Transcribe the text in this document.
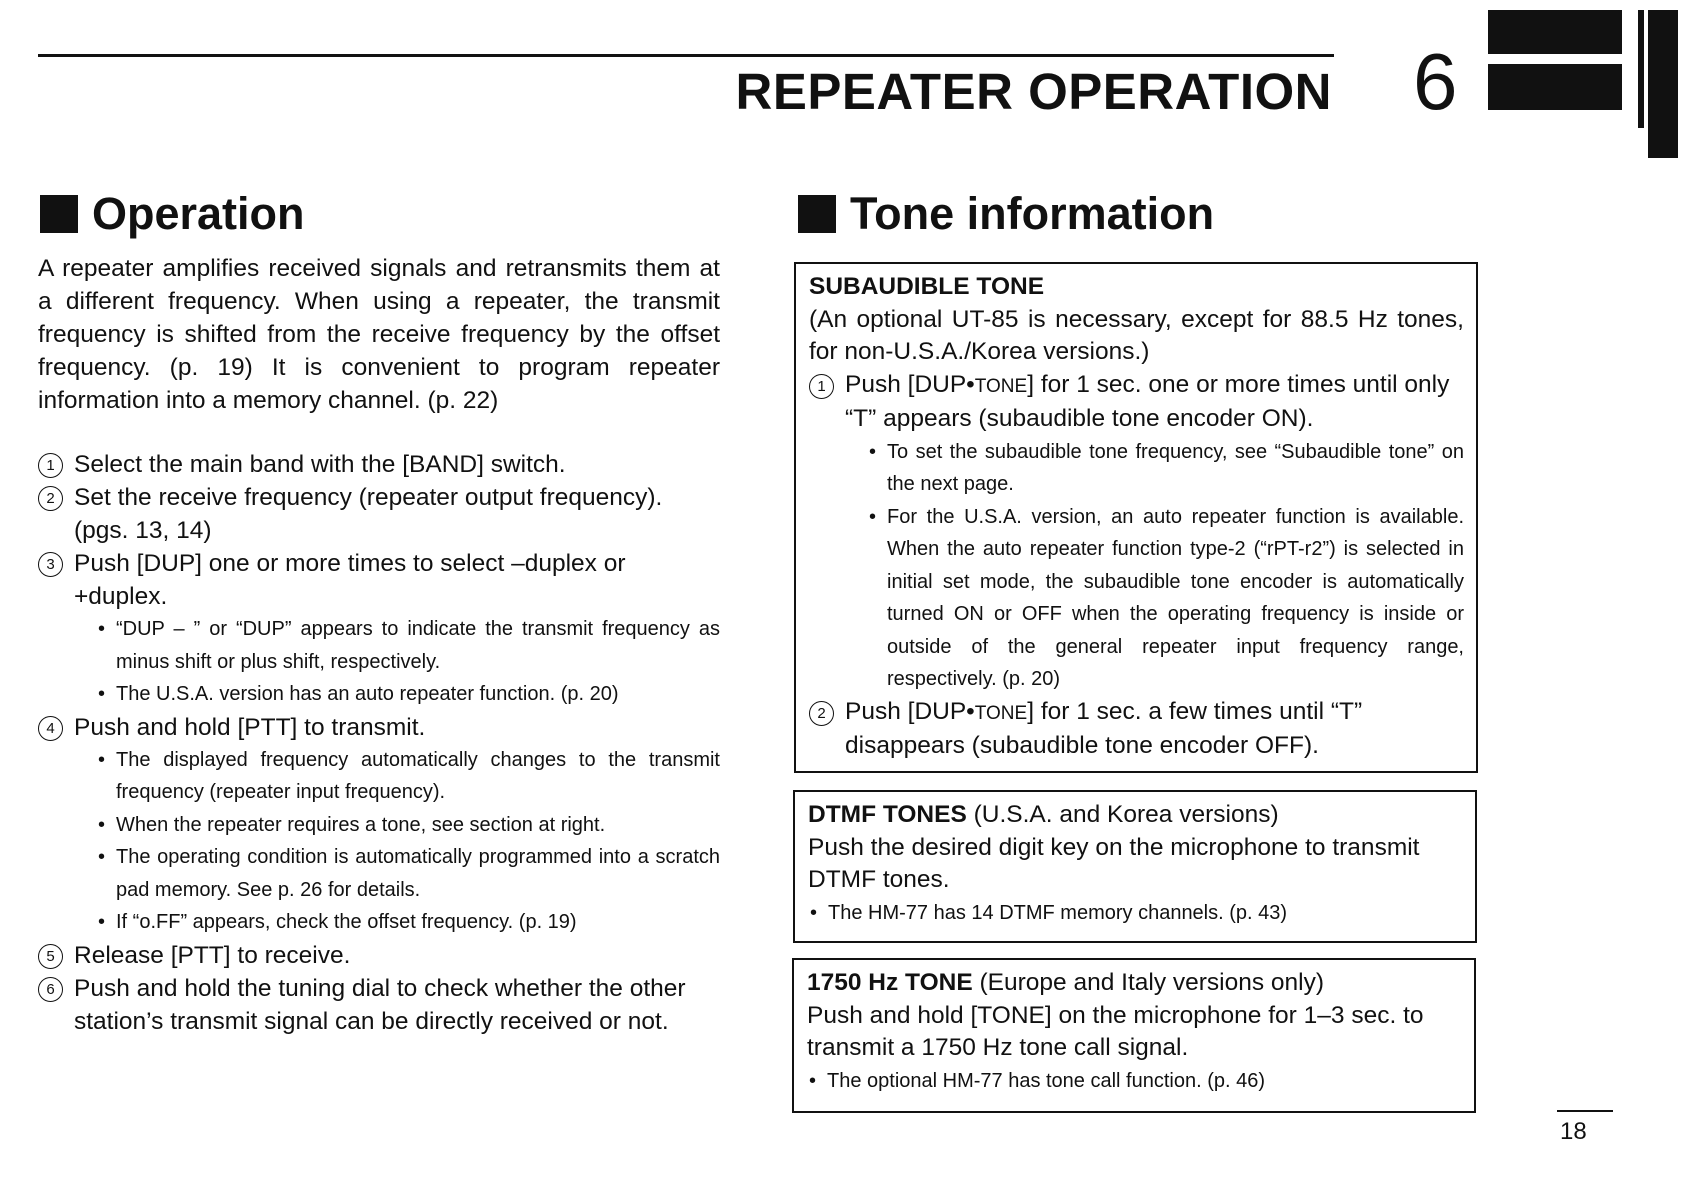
REPEATER OPERATION 6
Operation	Tone information

A repeater amplifies received signals and retransmits them at a different frequency. When using a repeater, the transmit frequency is shifted from the receive frequency by the offset frequency. (p. 19) It is convenient to program repeater information into a memory channel. (p. 22)

1 Select the main band with the [BAND] switch.
2 Set the receive frequency (repeater output frequency). (pgs. 13, 14)
3 Push [DUP] one or more times to select –duplex or +duplex.
• “DUP – ” or “DUP” appears to indicate the transmit frequency as minus shift or plus shift, respectively.
• The U.S.A. version has an auto repeater function. (p. 20)
4 Push and hold [PTT] to transmit.
• The displayed frequency automatically changes to the transmit frequency (repeater input frequency).
• When the repeater requires a tone, see section at right.
• The operating condition is automatically programmed into a scratch pad memory. See p. 26 for details.
• If “o.FF” appears, check the offset frequency. (p. 19)
5 Release [PTT] to receive.
6 Push and hold the tuning dial to check whether the other station’s transmit signal can be directly received or not.

SUBAUDIBLE TONE

(An optional UT-85 is necessary, except for 88.5 Hz tones, for non-U.S.A./Korea versions.)

1 Push [DUP•TONE] for 1 sec. one or more times until only “T” appears (subaudible tone encoder ON).
• To set the subaudible tone frequency, see “Subaudible tone” on the next page.
• For the U.S.A. version, an auto repeater function is available. When the auto repeater function type-2 (“rPT-r2”) is selected in initial set mode, the subaudible tone encoder is automatically turned ON or OFF when the operating frequency is inside or outside of the general repeater input frequency range, respectively. (p. 20)
2 Push [DUP•TONE] for 1 sec. a few times until “T” disappears (subaudible tone encoder OFF).

DTMF TONES (U.S.A. and Korea versions)

Push the desired digit key on the microphone to transmit DTMF tones.

• The HM-77 has 14 DTMF memory channels. (p. 43)

1750 Hz TONE (Europe and Italy versions only)

Push and hold [TONE] on the microphone for 1–3 sec. to transmit a 1750 Hz tone call signal.

• The optional HM-77 has tone call function. (p. 46)

18
